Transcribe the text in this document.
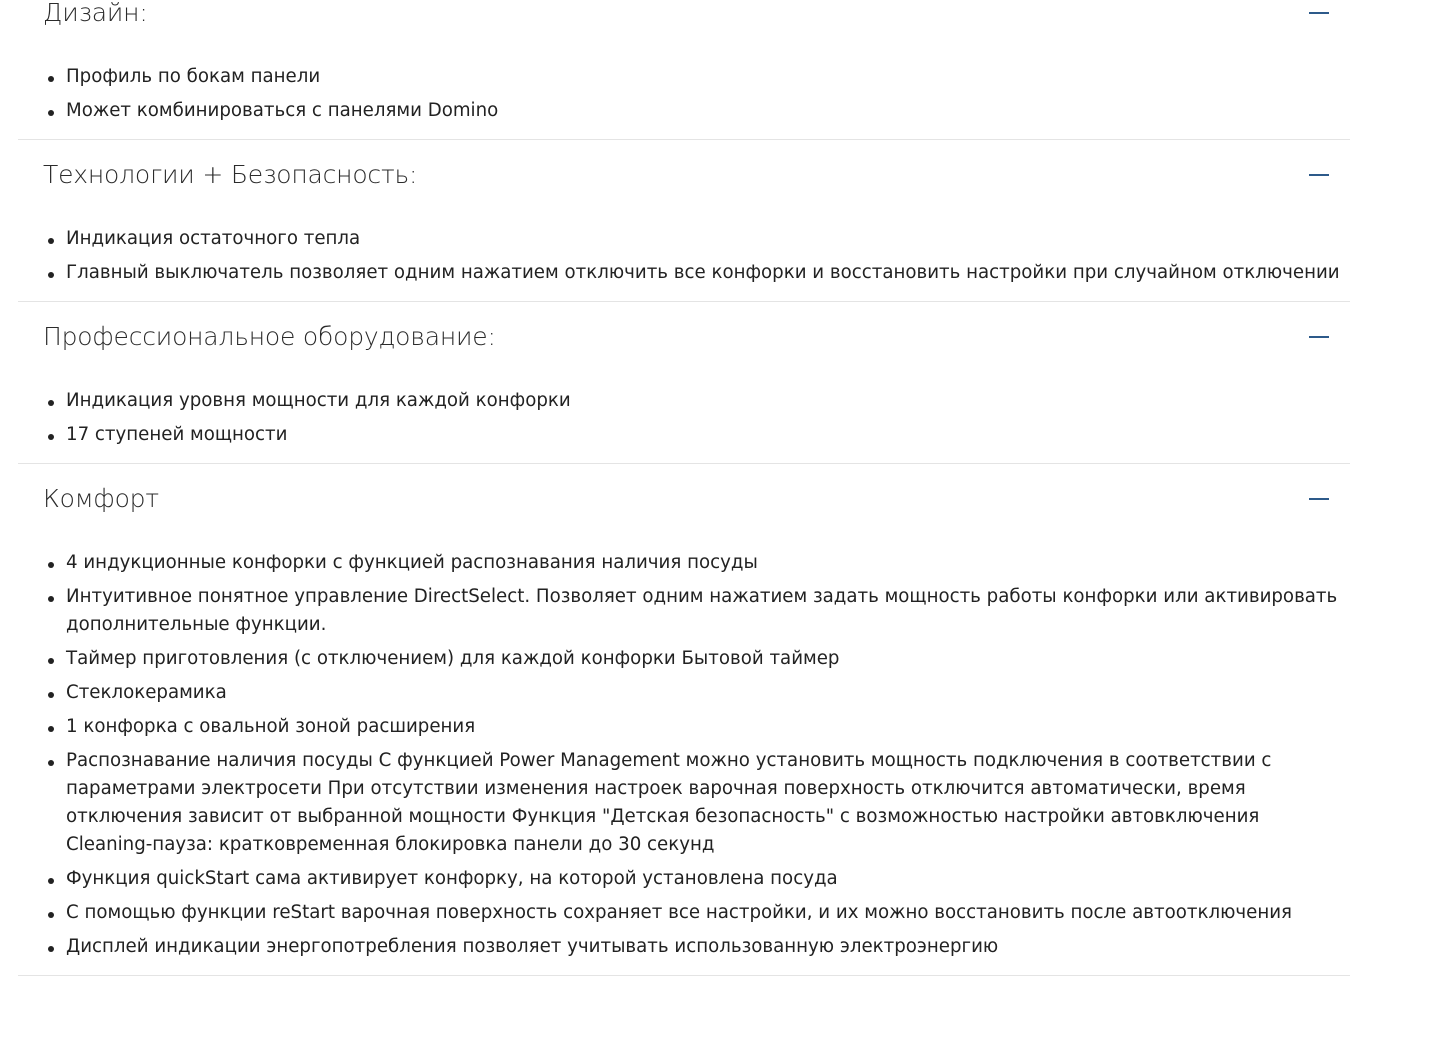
Дизайн:
Профиль по бокам панели
Может комбинироваться с панелями Domino
Технологии + Безопасность:
Индикация остаточного тепла
Главный выключатель позволяет одним нажатием отключить все конфорки и восстановить настройки при случайном отключении
Профессиональное оборудование:
Индикация уровня мощности для каждой конфорки
17 ступеней мощности
Комфорт
4 индукционные конфорки с функцией распознавания наличия посуды
Интуитивное понятное управление DirectSelect. Позволяет одним нажатием задать мощность работы конфорки или активировать дополнительные функции.
Таймер приготовления (с отключением) для каждой конфорки Бытовой таймер
Стеклокерамика
1 конфорка с овальной зоной расширения
Распознавание наличия посуды С функцией Power Management можно установить мощность подключения в соответствии с параметрами электросети При отсутствии изменения настроек варочная поверхность отключится автоматически, время отключения зависит от выбранной мощности Функция "Детская безопасность" с возможностью настройки автовключения Cleaning-пауза: кратковременная блокировка панели до 30 секунд
Функция quickStart сама активирует конфорку, на которой установлена посуда
С помощью функции reStart варочная поверхность сохраняет все настройки, и их можно восстановить после автоотключения
Дисплей индикации энергопотребления позволяет учитывать использованную электроэнергию
